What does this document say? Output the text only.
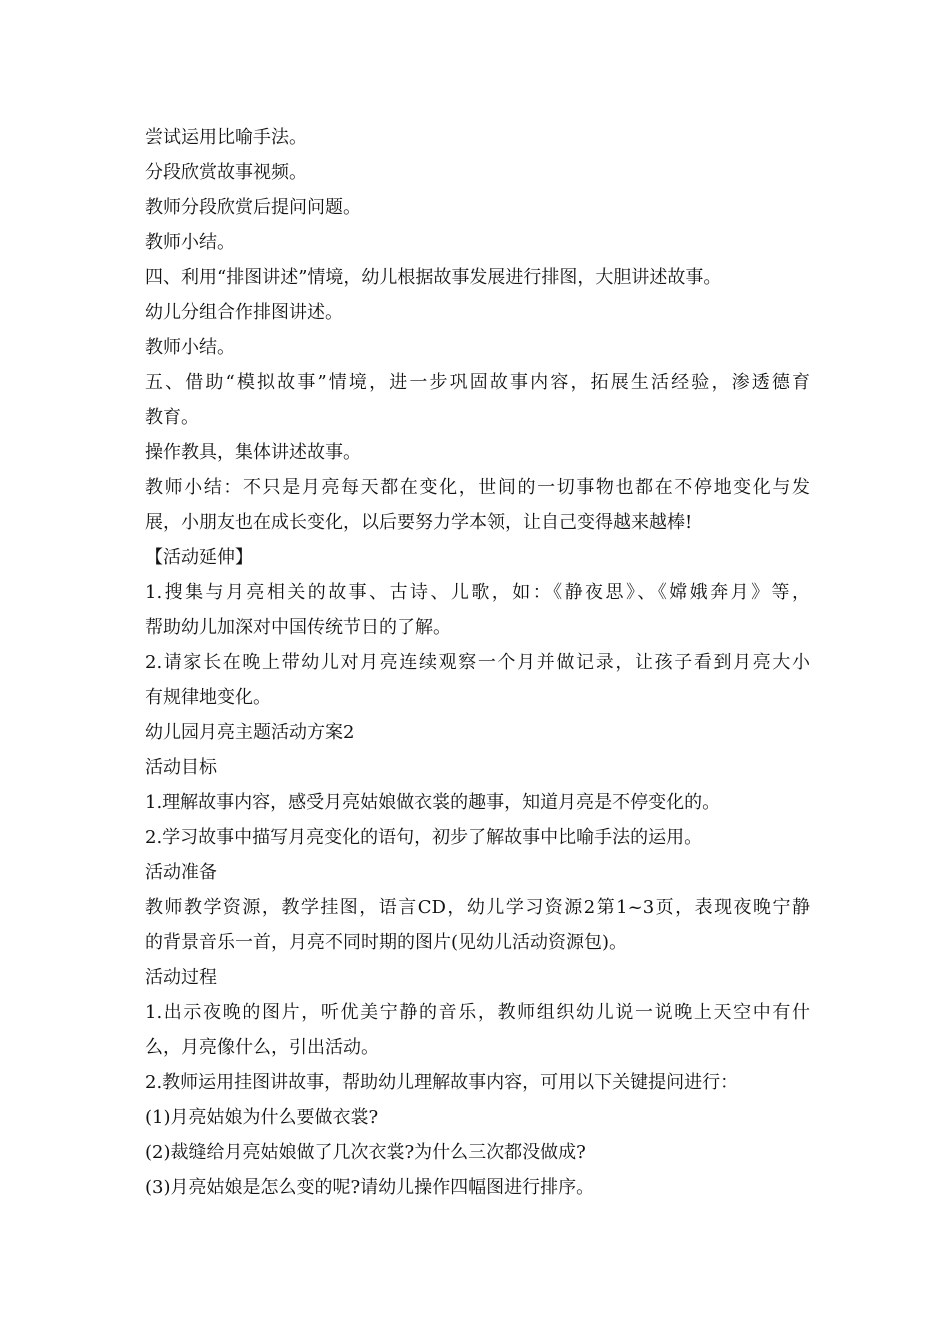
尝试运用比喻手法。
分段欣赏故事视频。
教师分段欣赏后提问问题。
教师小结。
四、利用“排图讲述”情境，幼儿根据故事发展进行排图，大胆讲述故事。
幼儿分组合作排图讲述。
教师小结。
五、借助“模拟故事”情境，进一步巩固故事内容，拓展生活经验，渗透德育
教育。
操作教具，集体讲述故事。
教师小结：不只是月亮每天都在变化，世间的一切事物也都在不停地变化与发
展，小朋友也在成长变化，以后要努力学本领，让自己变得越来越棒!
【活动延伸】
1.搜集与月亮相关的故事、古诗、儿歌，如：《静夜思》、《嫦娥奔月》等，
帮助幼儿加深对中国传统节日的了解。
2.请家长在晚上带幼儿对月亮连续观察一个月并做记录，让孩子看到月亮大小
有规律地变化。
幼儿园月亮主题活动方案2
活动目标
1.理解故事内容，感受月亮姑娘做衣裳的趣事，知道月亮是不停变化的。
2.学习故事中描写月亮变化的语句，初步了解故事中比喻手法的运用。
活动准备
教师教学资源，教学挂图，语言CD，幼儿学习资源2第1~3页，表现夜晚宁静
的背景音乐一首，月亮不同时期的图片(见幼儿活动资源包)。
活动过程
1.出示夜晚的图片，听优美宁静的音乐，教师组织幼儿说一说晚上天空中有什
么，月亮像什么，引出活动。
2.教师运用挂图讲故事，帮助幼儿理解故事内容，可用以下关键提问进行：
(1)月亮姑娘为什么要做衣裳?
(2)裁缝给月亮姑娘做了几次衣裳?为什么三次都没做成?
(3)月亮姑娘是怎么变的呢?请幼儿操作四幅图进行排序。
